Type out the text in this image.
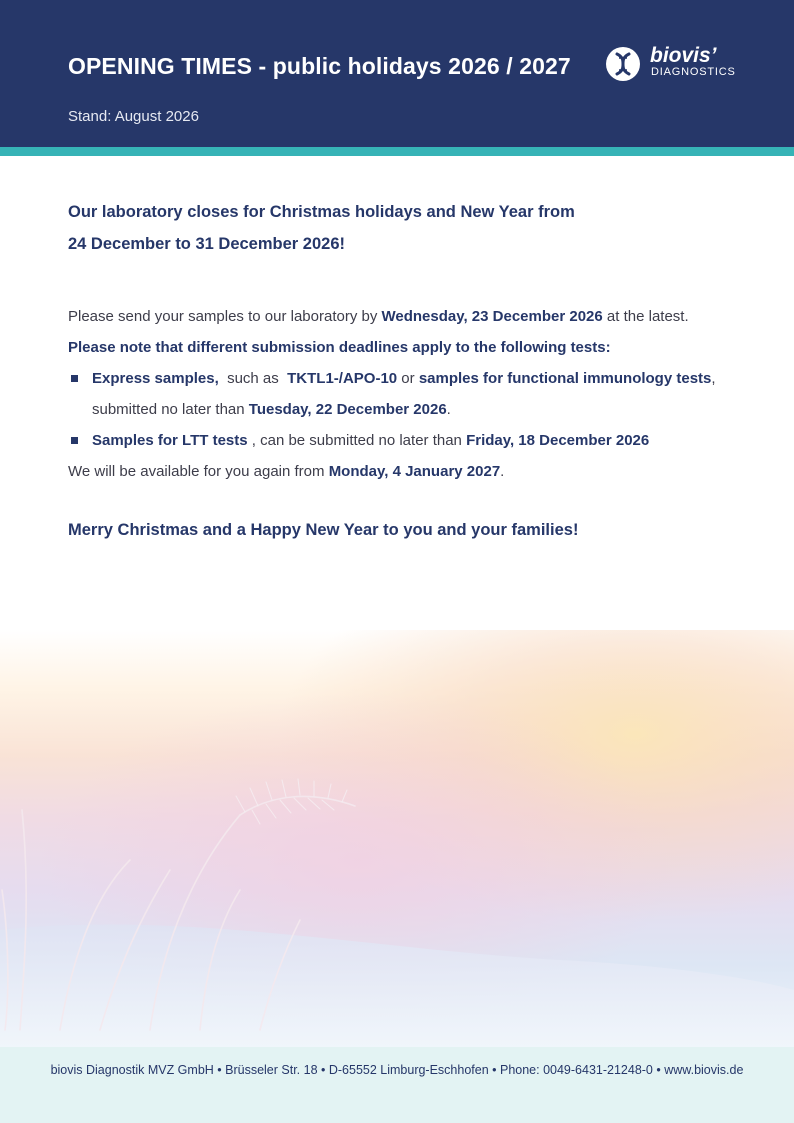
OPENING TIMES - public holidays 2026 / 2027
Stand: August 2026
biovis’
DIAGNOSTICS

Our laboratory closes for Christmas holidays and New Year from
24 December to 31 December 2026!

Please send your samples to our laboratory by Wednesday, 23 December 2026 at the latest.

Please note that different submission deadlines apply to the following tests:

Express samples,  such as  TKTL1-/APO-10 or samples for functional immunology tests,
submitted no later than Tuesday, 22 December 2026.
Samples for LTT tests , can be submitted no later than Friday, 18 December 2026

We will be available for you again from Monday, 4 January 2027.

Merry Christmas and a Happy New Year to you and your families!

biovis Diagnostik MVZ GmbH • Brüsseler Str. 18 • D-65552 Limburg-Eschhofen • Phone: 0049-6431-21248-0 • www.biovis.de
